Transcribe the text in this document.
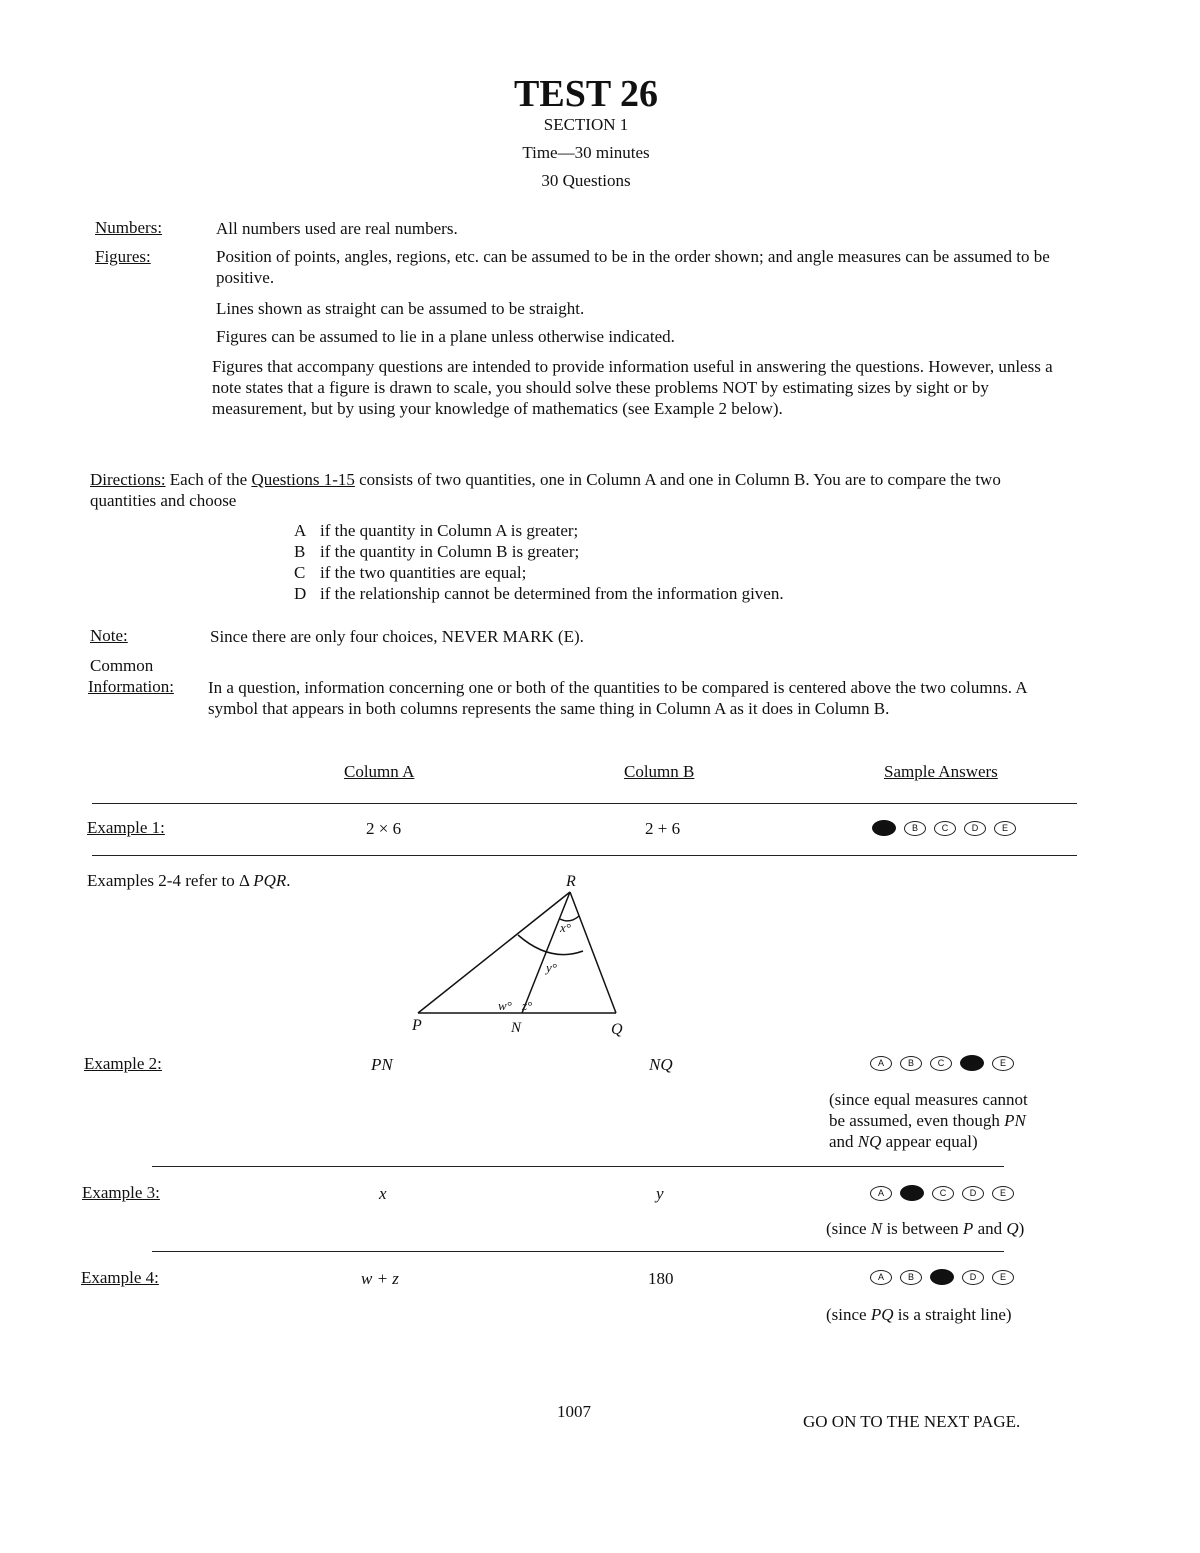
TEST 26
SECTION 1
Time—30 minutes
30 Questions
Numbers:	All numbers used are real numbers.
Figures:	Position of points, angles, regions, etc. can be assumed to be in the order shown; and angle measures can be assumed to be positive.
Lines shown as straight can be assumed to be straight.
Figures can be assumed to lie in a plane unless otherwise indicated.
Figures that accompany questions are intended to provide information useful in answering the questions. However, unless a note states that a figure is drawn to scale, you should solve these problems NOT by estimating sizes by sight or by measurement, but by using your knowledge of mathematics (see Example 2 below).
Directions: Each of the Questions 1-15 consists of two quantities, one in Column A and one in Column B. You are to compare the two quantities and choose
A if the quantity in Column A is greater;
B if the quantity in Column B is greater;
C if the two quantities are equal;
D if the relationship cannot be determined from the information given.
Note:	Since there are only four choices, NEVER MARK (E).
Common
Information: In a question, information concerning one or both of the quantities to be compared is centered above the two columns. A symbol that appears in both columns represents the same thing in Column A as it does in Column B.
Column A	Column B	Sample Answers
Example 1:	2 × 6	2 + 6	A	B	C	D	E
Examples 2-4 refer to Δ PQR.	R
P	N	Q
x°
y°
w° z°
Example 2:	PN	NQ	A	B	C	D	E
(since equal measures cannot
be assumed, even though PN
and NQ appear equal)
Example 3:	x	y	A	B	C	D	E
(since N is between P and Q)
Example 4:	w + z	180	A	B	C	D	E
(since PQ is a straight line)
1007
GO ON TO THE NEXT PAGE.
